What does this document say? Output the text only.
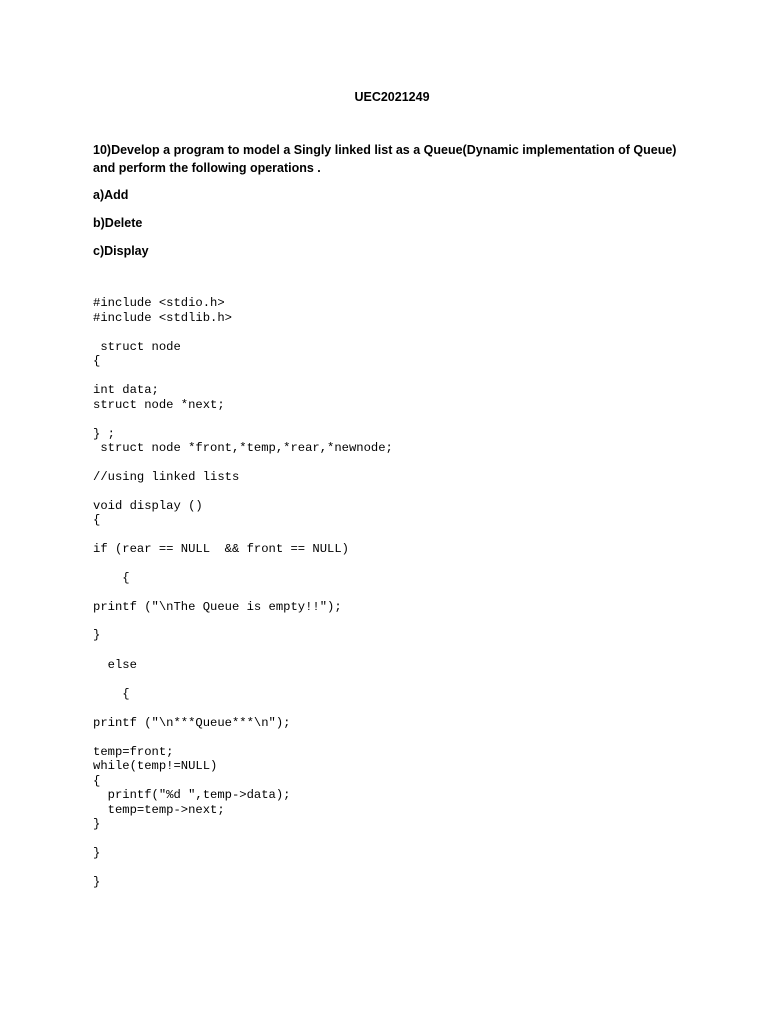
UEC2021249
10)Develop a program to model a Singly linked list as a Queue(Dynamic implementation of Queue)
and perform the following operations .
a)Add
b)Delete
c)Display
#include <stdio.h>
#include <stdlib.h>
struct node
{
int data;
struct node *next;
} ;
struct node *front,*temp,*rear,*newnode;
//using linked lists
void display ()
{
if (rear == NULL  && front == NULL)
{
printf ("\nThe Queue is empty!!");
}
else
{
printf ("\n***Queue***\n");
temp=front;
while(temp!=NULL)
{
printf("%d ",temp->data);
temp=temp->next;
}
}
}
